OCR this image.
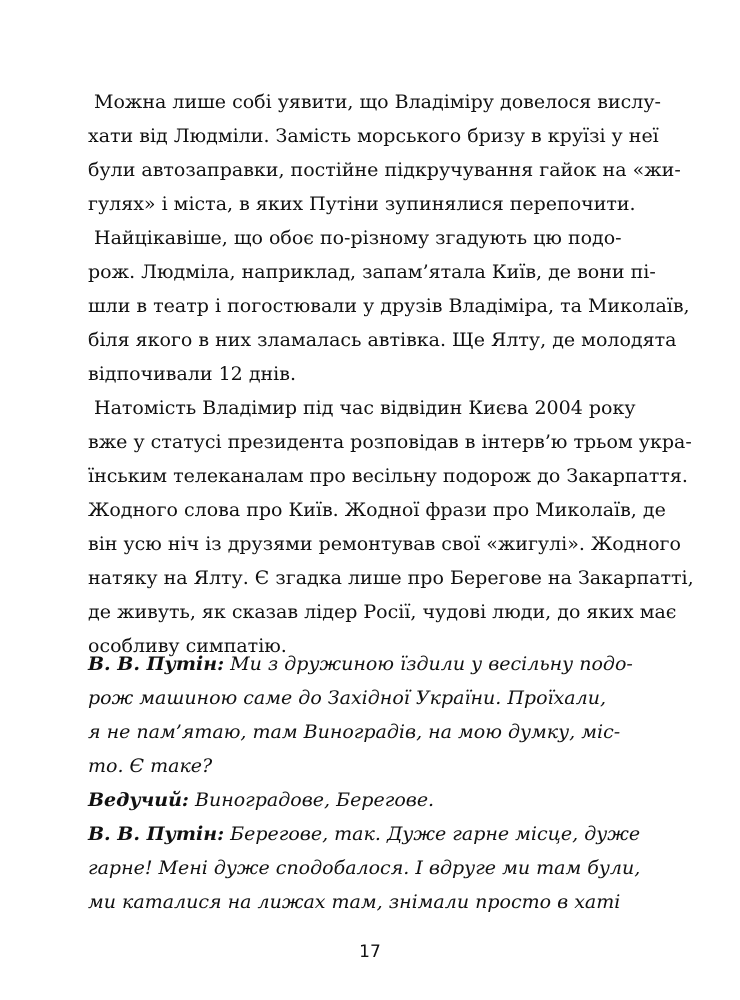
Можна лише собі уявити, що Владіміру довелося вислу-
хати від Людміли. Замість морського бризу в круїзі у неї
були автозаправки, постійне підкручування гайок на «жи-
гулях» і міста, в яких Путіни зупинялися перепочити.
Найцікавіше, що обоє по-різному згадують цю подо-
рож. Людміла, наприклад, запам’ятала Київ, де вони пі-
шли в театр і погостювали у друзів Владіміра, та Миколаїв,
біля якого в них зламалась автівка. Ще Ялту, де молодята
відпочивали 12 днів.
Натомість Владімир під час відвідин Києва 2004 року
вже у статусі президента розповідав в інтерв’ю трьом укра-
їнським телеканалам про весільну подорож до Закарпаття.
Жодного слова про Київ. Жодної фрази про Миколаїв, де
він усю ніч із друзями ремонтував свої «жигулі». Жодного
натяку на Ялту. Є згадка лише про Берегове на Закарпатті,
де живуть, як сказав лідер Росії, чудові люди, до яких має
особливу симпатію.
В. В. Путін: Ми з дружиною їздили у весільну подо-
рож машиною саме до Західної України. Проїхали,
я не пам’ятаю, там Виноградів, на мою думку, міс-
то. Є таке?
Ведучий: Виноградове, Берегове.
В. В. Путін: Берегове, так. Дуже гарне місце, дуже
гарне! Мені дуже сподобалося. І вдруге ми там були,
ми каталися на лижах там, знімали просто в хаті
17
